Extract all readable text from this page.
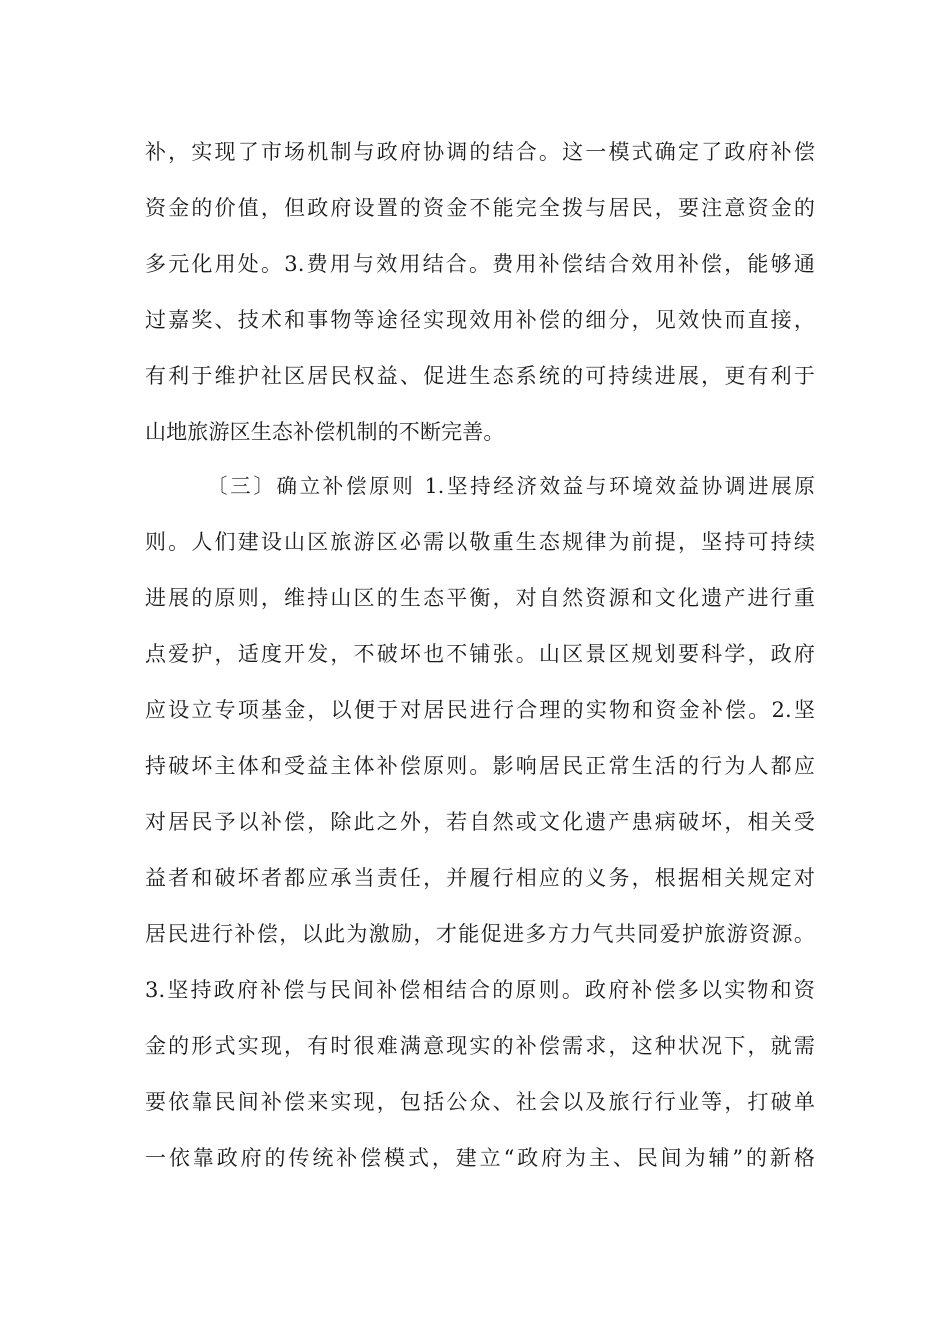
补，实现了市场机制与政府协调的结合。这一模式确定了政府补偿
资金的价值，但政府设置的资金不能完全拨与居民，要注意资金的
多元化用处。3.费用与效用结合。费用补偿结合效用补偿，能够通
过嘉奖、技术和事物等途径实现效用补偿的细分，见效快而直接，
有利于维护社区居民权益、促进生态系统的可持续进展，更有利于
山地旅游区生态补偿机制的不断完善。
〔三〕确立补偿原则 1.坚持经济效益与环境效益协调进展原
则。人们建设山区旅游区必需以敬重生态规律为前提，坚持可持续
进展的原则，维持山区的生态平衡，对自然资源和文化遗产进行重
点爱护，适度开发，不破坏也不铺张。山区景区规划要科学，政府
应设立专项基金，以便于对居民进行合理的实物和资金补偿。2.坚
持破坏主体和受益主体补偿原则。影响居民正常生活的行为人都应
对居民予以补偿，除此之外，若自然或文化遗产患病破坏，相关受
益者和破坏者都应承当责任，并履行相应的义务，根据相关规定对
居民进行补偿，以此为激励，才能促进多方力气共同爱护旅游资源。
3.坚持政府补偿与民间补偿相结合的原则。政府补偿多以实物和资
金的形式实现，有时很难满意现实的补偿需求，这种状况下，就需
要依靠民间补偿来实现，包括公众、社会以及旅行行业等，打破单
一依靠政府的传统补偿模式，建立“政府为主、民间为辅”的新格
